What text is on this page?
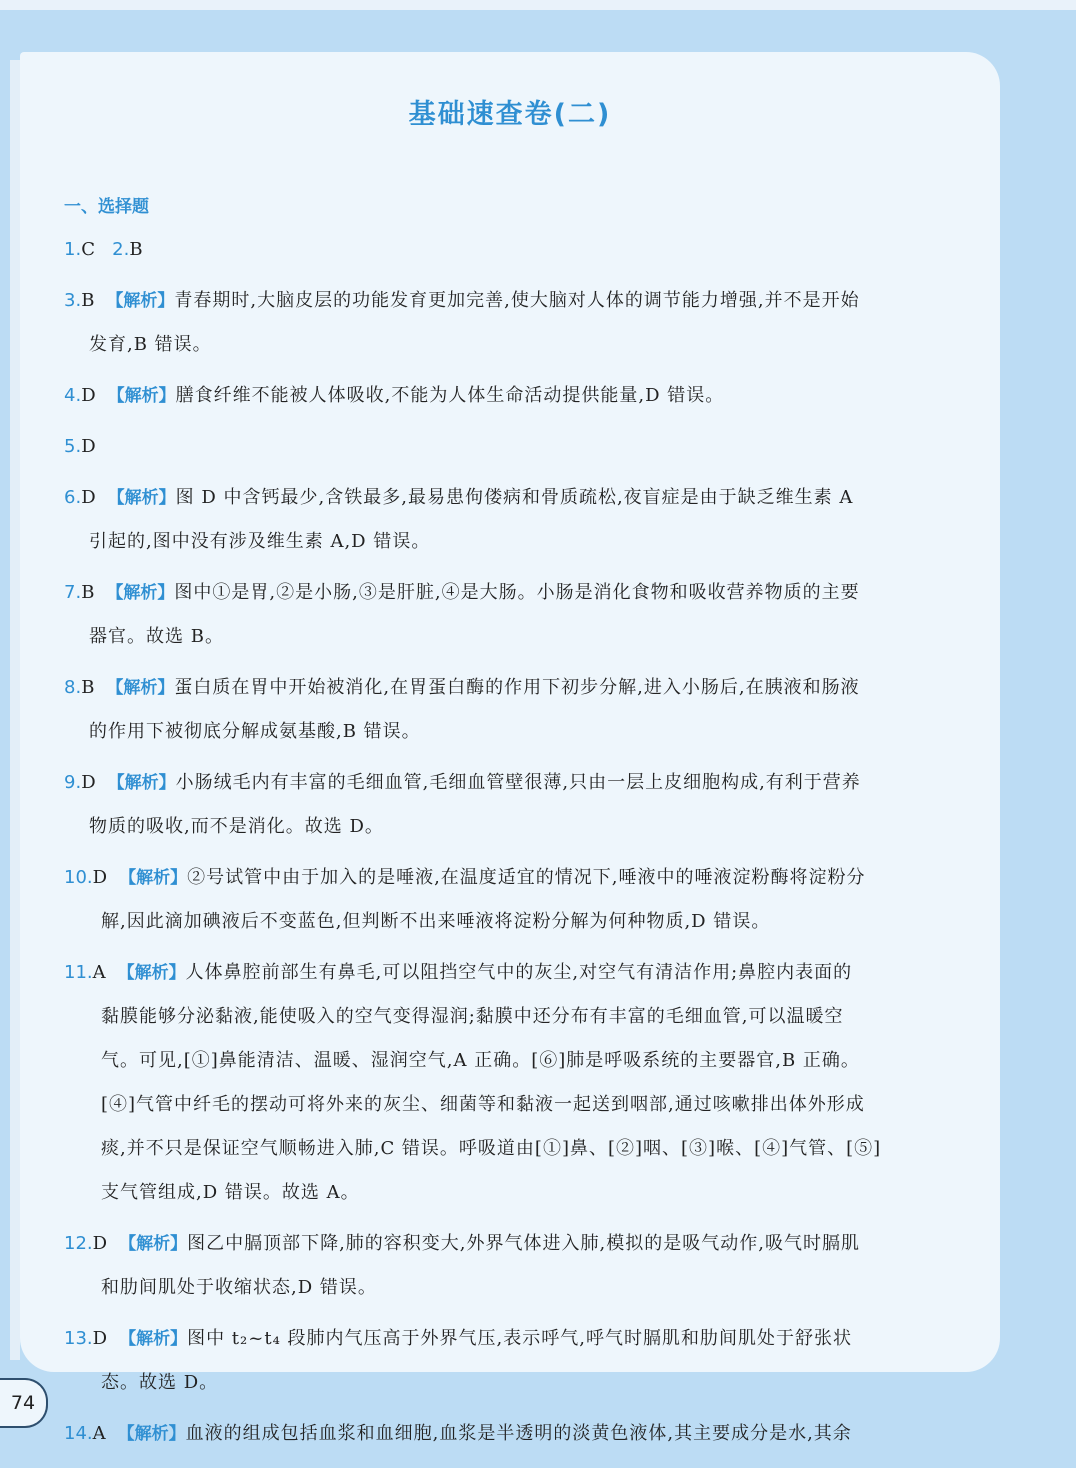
基础速查卷(二)
一、选择题
1.C 2.B
3.B 【解析】青春期时,大脑皮层的功能发育更加完善,使大脑对人体的调节能力增强,并不是开始
发育,B 错误。
4.D 【解析】膳食纤维不能被人体吸收,不能为人体生命活动提供能量,D 错误。
5.D
6.D 【解析】图 D 中含钙最少,含铁最多,最易患佝偻病和骨质疏松,夜盲症是由于缺乏维生素 A
引起的,图中没有涉及维生素 A,D 错误。
7.B 【解析】图中①是胃,②是小肠,③是肝脏,④是大肠。小肠是消化食物和吸收营养物质的主要
器官。故选 B。
8.B 【解析】蛋白质在胃中开始被消化,在胃蛋白酶的作用下初步分解,进入小肠后,在胰液和肠液
的作用下被彻底分解成氨基酸,B 错误。
9.D 【解析】小肠绒毛内有丰富的毛细血管,毛细血管壁很薄,只由一层上皮细胞构成,有利于营养
物质的吸收,而不是消化。故选 D。
10.D 【解析】②号试管中由于加入的是唾液,在温度适宜的情况下,唾液中的唾液淀粉酶将淀粉分
解,因此滴加碘液后不变蓝色,但判断不出来唾液将淀粉分解为何种物质,D 错误。
11.A 【解析】人体鼻腔前部生有鼻毛,可以阻挡空气中的灰尘,对空气有清洁作用;鼻腔内表面的
黏膜能够分泌黏液,能使吸入的空气变得湿润;黏膜中还分布有丰富的毛细血管,可以温暖空
气。可见,[①]鼻能清洁、温暖、湿润空气,A 正确。[⑥]肺是呼吸系统的主要器官,B 正确。
[④]气管中纤毛的摆动可将外来的灰尘、细菌等和黏液一起送到咽部,通过咳嗽排出体外形成
痰,并不只是保证空气顺畅进入肺,C 错误。呼吸道由[①]鼻、[②]咽、[③]喉、[④]气管、[⑤]
支气管组成,D 错误。故选 A。
12.D 【解析】图乙中膈顶部下降,肺的容积变大,外界气体进入肺,模拟的是吸气动作,吸气时膈肌
和肋间肌处于收缩状态,D 错误。
13.D 【解析】图中 t₂~t₄ 段肺内气压高于外界气压,表示呼气,呼气时膈肌和肋间肌处于舒张状
态。故选 D。
14.A 【解析】血液的组成包括血浆和血细胞,血浆是半透明的淡黄色液体,其主要成分是水,其余
74
